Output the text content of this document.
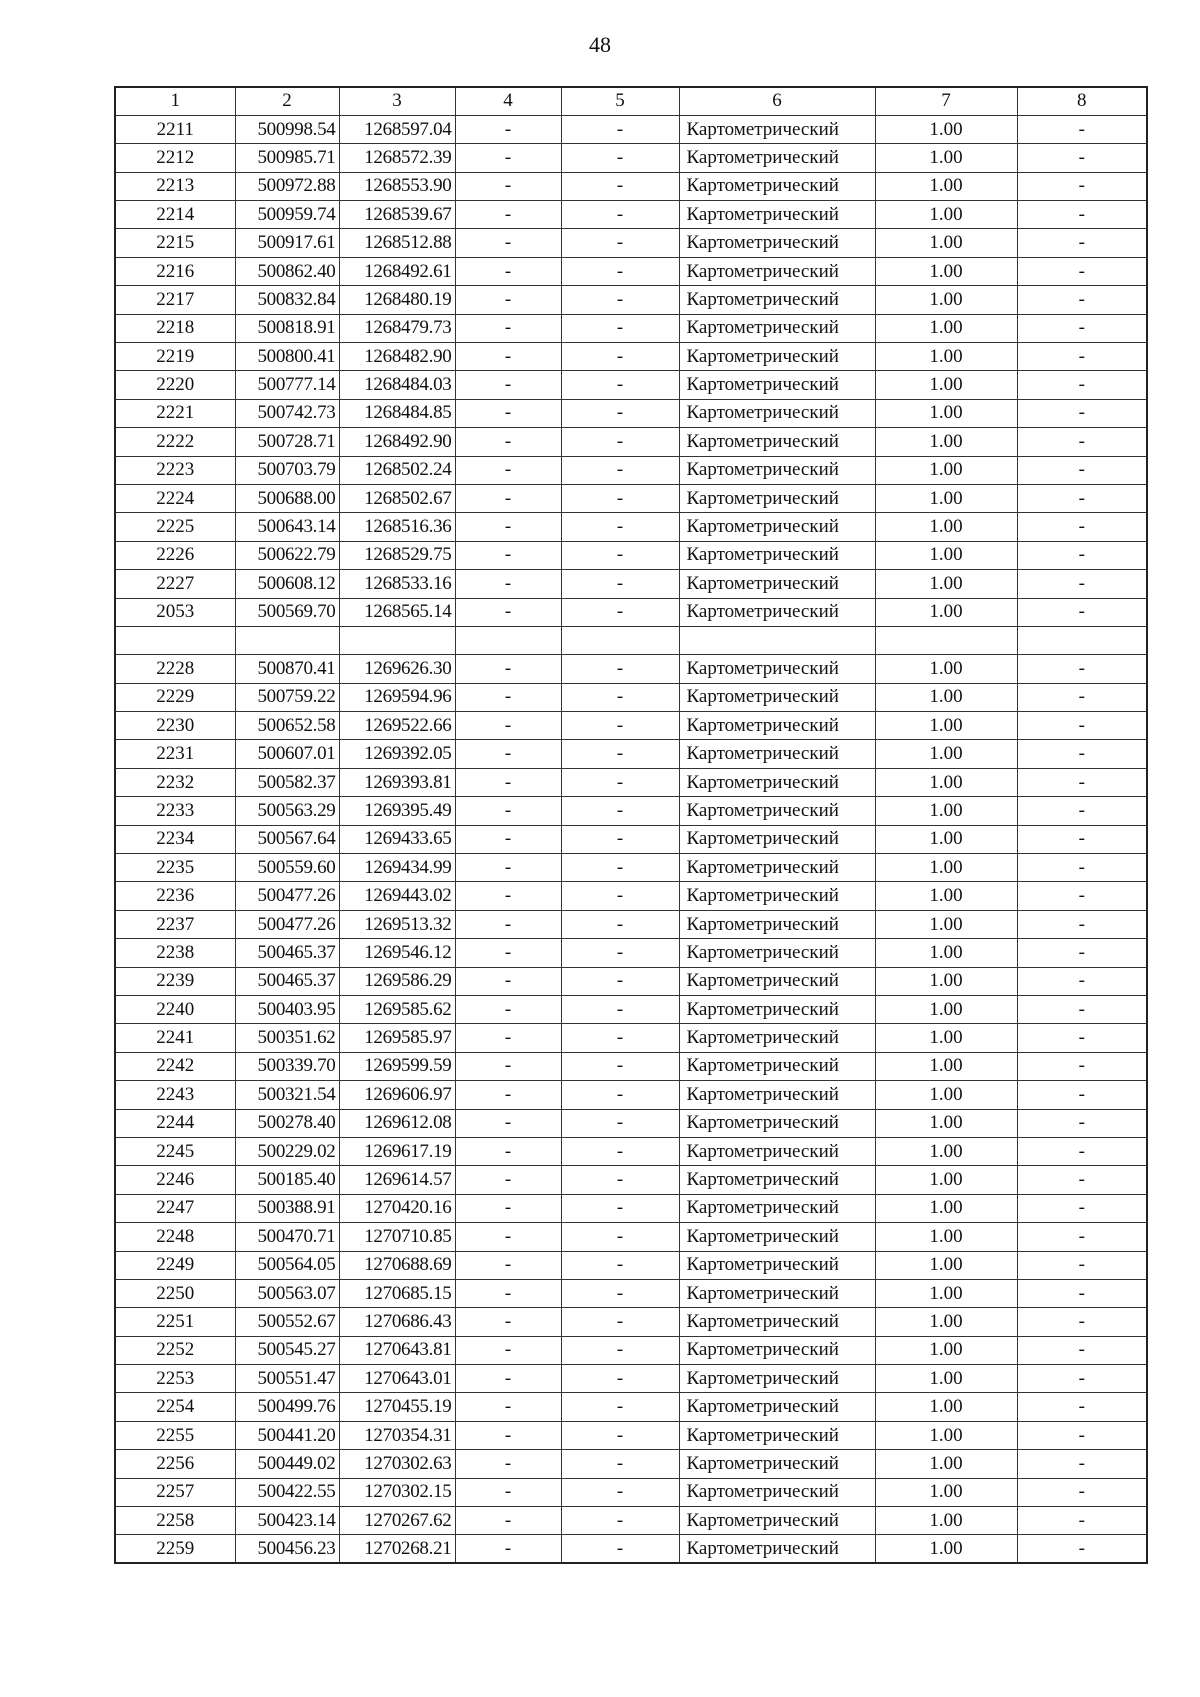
48
1	2	3	4	5	6	7	8
2211	500998.54	1268597.04	-	-	Картометрический	1.00	-
2212	500985.71	1268572.39	-	-	Картометрический	1.00	-
2213	500972.88	1268553.90	-	-	Картометрический	1.00	-
2214	500959.74	1268539.67	-	-	Картометрический	1.00	-
2215	500917.61	1268512.88	-	-	Картометрический	1.00	-
2216	500862.40	1268492.61	-	-	Картометрический	1.00	-
2217	500832.84	1268480.19	-	-	Картометрический	1.00	-
2218	500818.91	1268479.73	-	-	Картометрический	1.00	-
2219	500800.41	1268482.90	-	-	Картометрический	1.00	-
2220	500777.14	1268484.03	-	-	Картометрический	1.00	-
2221	500742.73	1268484.85	-	-	Картометрический	1.00	-
2222	500728.71	1268492.90	-	-	Картометрический	1.00	-
2223	500703.79	1268502.24	-	-	Картометрический	1.00	-
2224	500688.00	1268502.67	-	-	Картометрический	1.00	-
2225	500643.14	1268516.36	-	-	Картометрический	1.00	-
2226	500622.79	1268529.75	-	-	Картометрический	1.00	-
2227	500608.12	1268533.16	-	-	Картометрический	1.00	-
2053	500569.70	1268565.14	-	-	Картометрический	1.00	-

2228	500870.41	1269626.30	-	-	Картометрический	1.00	-
2229	500759.22	1269594.96	-	-	Картометрический	1.00	-
2230	500652.58	1269522.66	-	-	Картометрический	1.00	-
2231	500607.01	1269392.05	-	-	Картометрический	1.00	-
2232	500582.37	1269393.81	-	-	Картометрический	1.00	-
2233	500563.29	1269395.49	-	-	Картометрический	1.00	-
2234	500567.64	1269433.65	-	-	Картометрический	1.00	-
2235	500559.60	1269434.99	-	-	Картометрический	1.00	-
2236	500477.26	1269443.02	-	-	Картометрический	1.00	-
2237	500477.26	1269513.32	-	-	Картометрический	1.00	-
2238	500465.37	1269546.12	-	-	Картометрический	1.00	-
2239	500465.37	1269586.29	-	-	Картометрический	1.00	-
2240	500403.95	1269585.62	-	-	Картометрический	1.00	-
2241	500351.62	1269585.97	-	-	Картометрический	1.00	-
2242	500339.70	1269599.59	-	-	Картометрический	1.00	-
2243	500321.54	1269606.97	-	-	Картометрический	1.00	-
2244	500278.40	1269612.08	-	-	Картометрический	1.00	-
2245	500229.02	1269617.19	-	-	Картометрический	1.00	-
2246	500185.40	1269614.57	-	-	Картометрический	1.00	-
2247	500388.91	1270420.16	-	-	Картометрический	1.00	-
2248	500470.71	1270710.85	-	-	Картометрический	1.00	-
2249	500564.05	1270688.69	-	-	Картометрический	1.00	-
2250	500563.07	1270685.15	-	-	Картометрический	1.00	-
2251	500552.67	1270686.43	-	-	Картометрический	1.00	-
2252	500545.27	1270643.81	-	-	Картометрический	1.00	-
2253	500551.47	1270643.01	-	-	Картометрический	1.00	-
2254	500499.76	1270455.19	-	-	Картометрический	1.00	-
2255	500441.20	1270354.31	-	-	Картометрический	1.00	-
2256	500449.02	1270302.63	-	-	Картометрический	1.00	-
2257	500422.55	1270302.15	-	-	Картометрический	1.00	-
2258	500423.14	1270267.62	-	-	Картометрический	1.00	-
2259	500456.23	1270268.21	-	-	Картометрический	1.00	-
